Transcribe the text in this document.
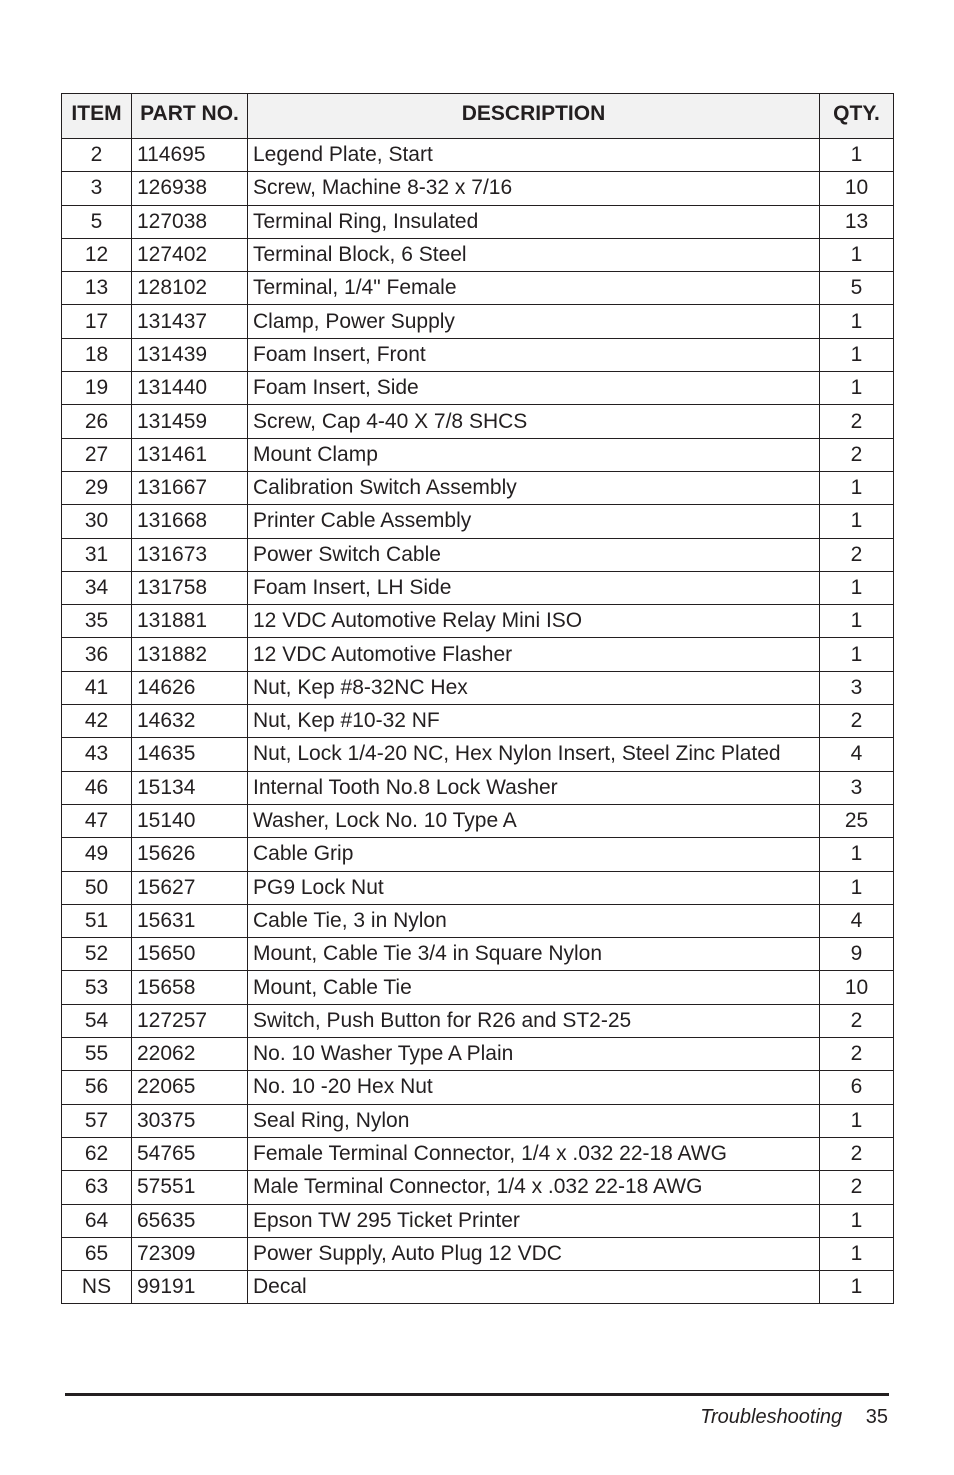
ITEM	PART NO.	DESCRIPTION	QTY.

2	114695	Legend Plate, Start	1
3	126938	Screw, Machine 8-32 x 7/16	10
5	127038	Terminal Ring, Insulated	13
12	127402	Terminal Block, 6 Steel	1
13	128102	Terminal, 1/4" Female	5
17	131437	Clamp, Power Supply	1
18	131439	Foam Insert, Front	1
19	131440	Foam Insert, Side	1
26	131459	Screw, Cap 4-40 X 7/8 SHCS	2
27	131461	Mount Clamp	2
29	131667	Calibration Switch Assembly	1
30	131668	Printer Cable Assembly	1
31	131673	Power Switch Cable	2
34	131758	Foam Insert, LH Side	1
35	131881	12 VDC Automotive Relay Mini ISO	1
36	131882	12 VDC Automotive Flasher	1
41	14626	Nut, Kep #8-32NC Hex	3
42	14632	Nut, Kep #10-32 NF	2
43	14635	Nut, Lock 1/4-20 NC, Hex Nylon Insert, Steel Zinc Plated	4
46	15134	Internal Tooth No.8 Lock Washer	3
47	15140	Washer, Lock No. 10 Type A	25
49	15626	Cable Grip	1
50	15627	PG9 Lock Nut	1
51	15631	Cable Tie, 3 in Nylon	4
52	15650	Mount, Cable Tie 3/4 in Square Nylon	9
53	15658	Mount, Cable Tie	10
54	127257	Switch, Push Button for R26 and ST2-25	2
55	22062	No. 10 Washer Type A Plain	2
56	22065	No. 10 -20 Hex Nut	6
57	30375	Seal Ring, Nylon	1
62	54765	Female Terminal Connector, 1/4 x .032 22-18 AWG	2
63	57551	Male Terminal Connector, 1/4 x .032 22-18 AWG	2
64	65635	Epson TW 295 Ticket Printer	1
65	72309	Power Supply, Auto Plug 12 VDC	1
NS	99191	Decal	1
Troubleshooting 35
